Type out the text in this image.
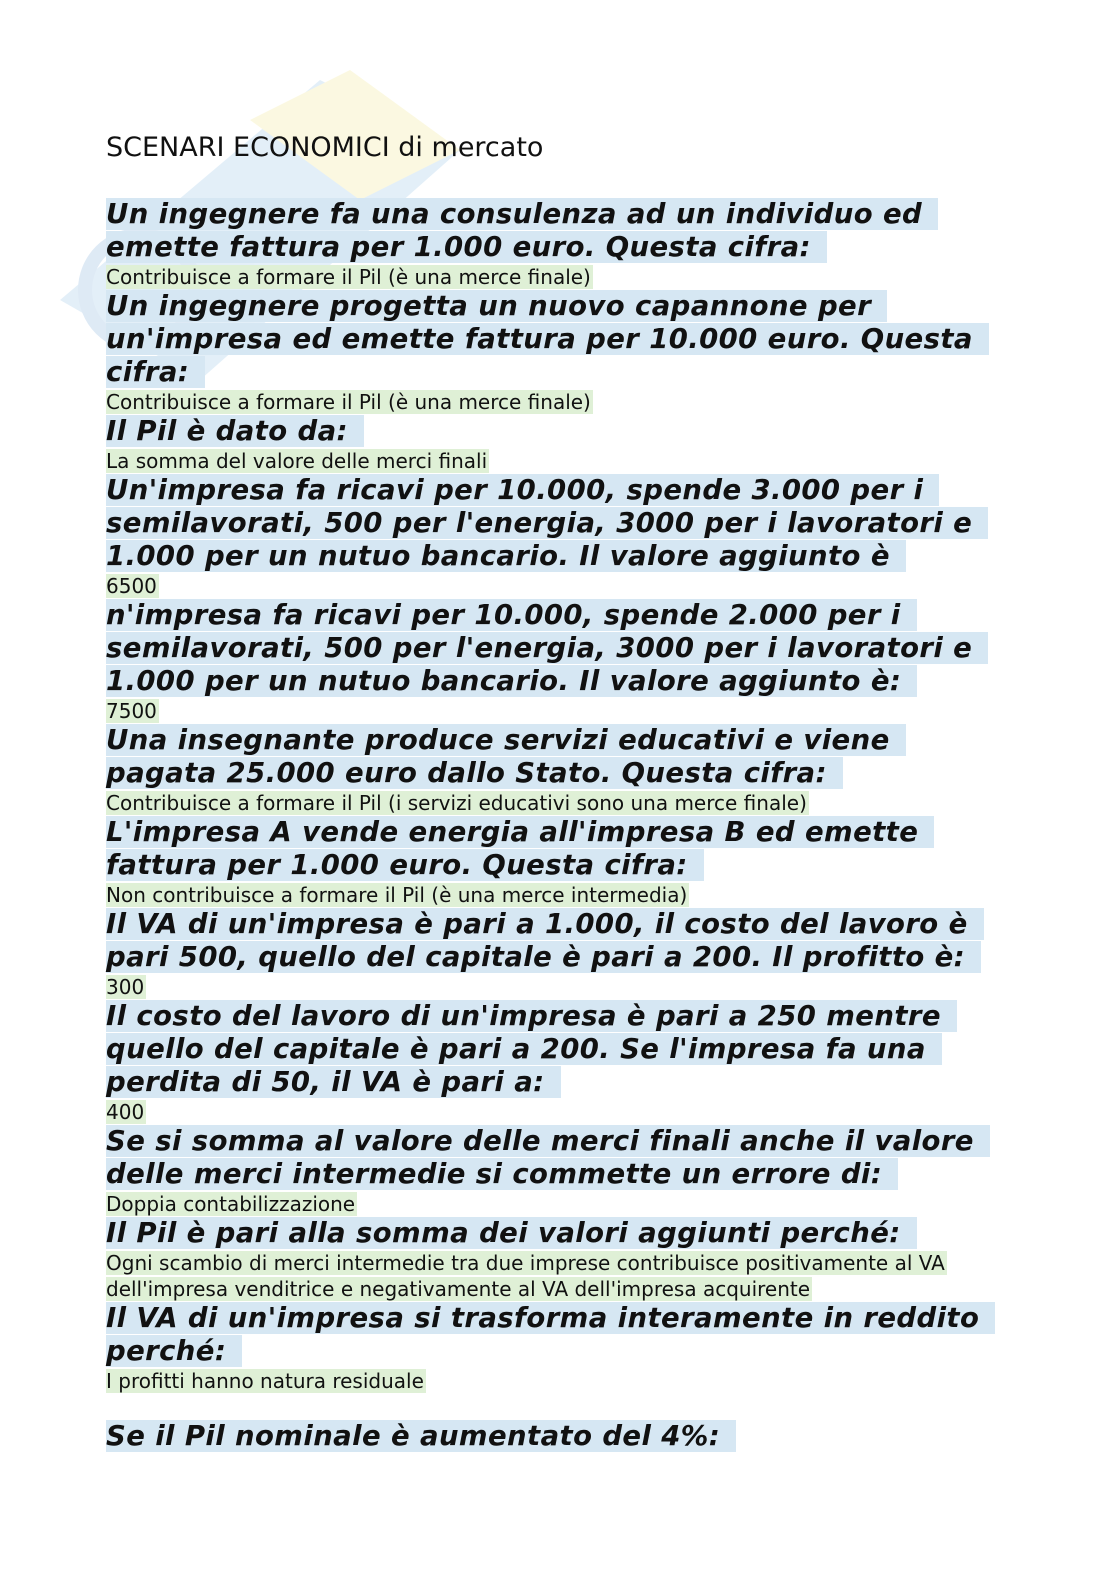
SCENARI ECONOMICI di mercato

Un ingegnere fa una consulenza ad un individuo ed emette fattura per 1.000 euro. Questa cifra:

Contribuisce a formare il Pil (è una merce finale)

Un ingegnere progetta un nuovo capannone per un'impresa ed emette fattura per 10.000 euro. Questa cifra:

Contribuisce a formare il Pil (è una merce finale)

Il Pil è dato da:

La somma del valore delle merci finali

Un'impresa fa ricavi per 10.000, spende 3.000 per i semilavorati, 500 per l'energia, 3000 per i lavoratori e 1.000 per un nutuo bancario. Il valore aggiunto è

6500

n'impresa fa ricavi per 10.000, spende 2.000 per i semilavorati, 500 per l'energia, 3000 per i lavoratori e 1.000 per un nutuo bancario. Il valore aggiunto è:

7500

Una insegnante produce servizi educativi e viene pagata 25.000 euro dallo Stato. Questa cifra:

Contribuisce a formare il Pil (i servizi educativi sono una merce finale)

L'impresa A vende energia all'impresa B ed emette fattura per 1.000 euro. Questa cifra:

Non contribuisce a formare il Pil (è una merce intermedia)

Il VA di un'impresa è pari a 1.000, il costo del lavoro è pari 500, quello del capitale è pari a 200. Il profitto è:

300

Il costo del lavoro di un'impresa è pari a 250 mentre quello del capitale è pari a 200. Se l'impresa fa una perdita di 50, il VA è pari a:

400

Se si somma al valore delle merci finali anche il valore delle merci intermedie si commette un errore di:

Doppia contabilizzazione

Il Pil è pari alla somma dei valori aggiunti perché:

Ogni scambio di merci intermedie tra due imprese contribuisce positivamente al VA dell'impresa venditrice e negativamente al VA dell'impresa acquirente

Il VA di un'impresa si trasforma interamente in reddito perché:

I profitti hanno natura residuale

Se il Pil nominale è aumentato del 4%:
